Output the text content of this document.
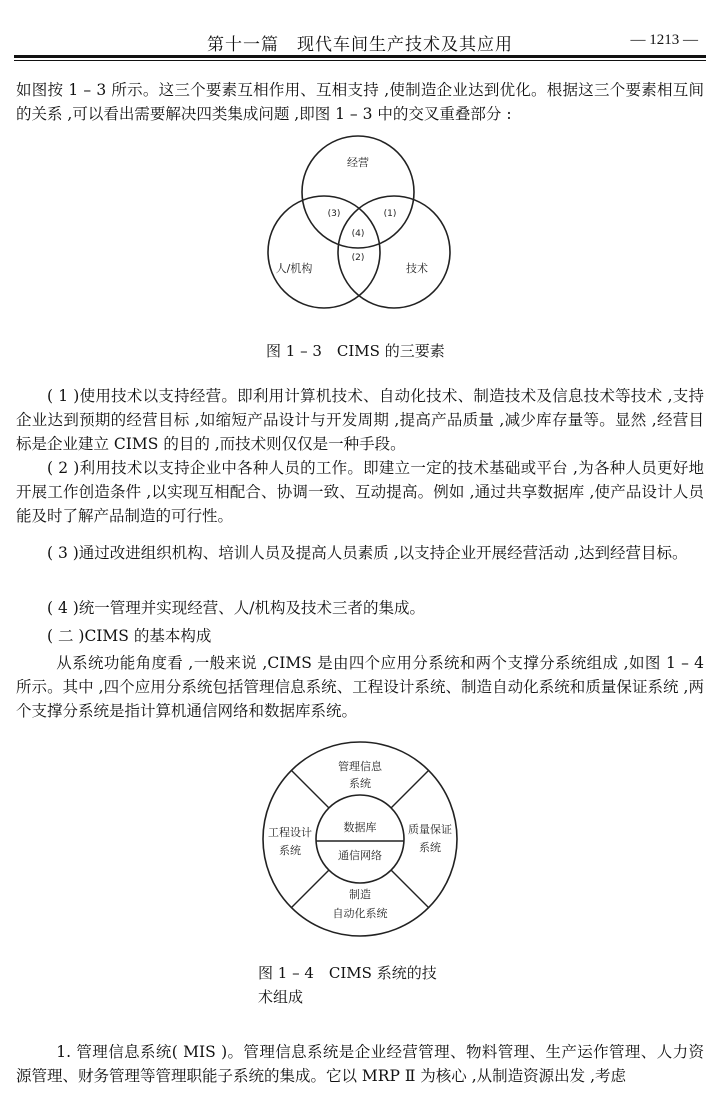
第十一篇　现代车间生产技术及其应用	— 1213 —
如图按 1 – 3 所示。这三个要素互相作用、互相支持 ,使制造企业达到优化。根据这三个要素相互间的关系 ,可以看出需要解决四类集成问题 ,即图 1 – 3 中的交叉重叠部分 :
经营
人/机构	技术
(3)	(1)
(4)
(2)
图 1 – 3　CIMS 的三要素
( 1 )使用技术以支持经营。即利用计算机技术、自动化技术、制造技术及信息技术等技术 ,支持企业达到预期的经营目标 ,如缩短产品设计与开发周期 ,提高产品质量 ,减少库存量等。显然 ,经营目标是企业建立 CIMS 的目的 ,而技术则仅仅是一种手段。
( 2 )利用技术以支持企业中各种人员的工作。即建立一定的技术基础或平台 ,为各种人员更好地开展工作创造条件 ,以实现互相配合、协调一致、互动提高。例如 ,通过共享数据库 ,使产品设计人员能及时了解产品制造的可行性。
( 3 )通过改进组织机构、培训人员及提高人员素质 ,以支持企业开展经营活动 ,达到经营目标。
( 4 )统一管理并实现经营、人/机构及技术三者的集成。
( 二 )CIMS 的基本构成
从系统功能角度看 ,一般来说 ,CIMS 是由四个应用分系统和两个支撑分系统组成 ,如图 1 – 4 所示。其中 ,四个应用分系统包括管理信息系统、工程设计系统、制造自动化系统和质量保证系统 ,两个支撑分系统是指计算机通信网络和数据库系统。
管理信息
系统
工程设计
系统
质量保证
系统
制造
自动化系统
数据库
通信网络
图 1 – 4　CIMS 系统的技
术组成
1. 管理信息系统( MIS )。管理信息系统是企业经营管理、物料管理、生产运作管理、人力资源管理、财务管理等管理职能子系统的集成。它以 MRP Ⅱ 为核心 ,从制造资源出发 ,考虑
